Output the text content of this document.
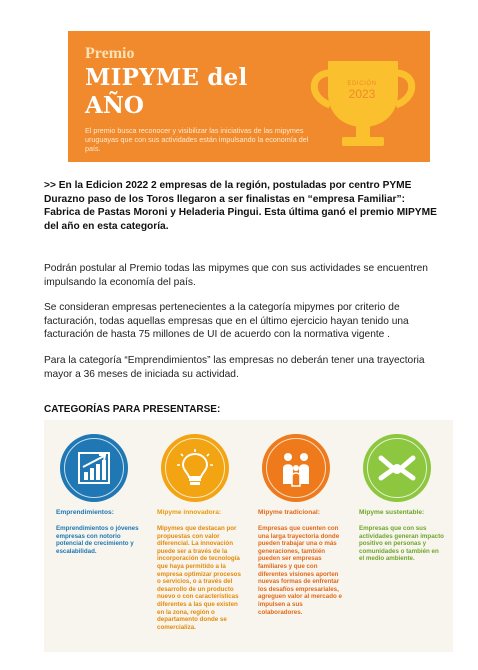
Premio
MIPYME del
AÑO
El premio busca reconocer y visibilizar las iniciativas de las mipymes uruguayas que con sus actividades están impulsando la economía del país.
EDICIÓN
2023
>> En la Edicion 2022 2 empresas de la región, postuladas por centro PYME Durazno paso de los Toros llegaron a ser finalistas en “empresa Familiar”: Fabrica de Pastas Moroni y Heladeria Pingui. Esta última ganó el premio MIPYME del año en esta categoría.
Podrán postular al Premio todas las mipymes que con sus actividades se encuentren impulsando la economía del país.
Se consideran empresas pertenecientes a la categoría mipymes por criterio de facturación, todas aquellas empresas que en el último ejercicio hayan tenido una facturación de hasta 75 millones de UI de acuerdo con la normativa vigente .
Para la categoría “Emprendimientos” las empresas no deberán tener una trayectoria mayor a 36 meses de iniciada su actividad.
CATEGORÍAS PARA PRESENTARSE:
Emprendimientos:
Emprendimientos o jóvenes empresas con notorio potencial de crecimiento y escalabilidad.
Mipyme innovadora:
Mipymes que destacan por propuestas con valor diferencial. La innovación puede ser a través de la incorporación de tecnología que haya permitido a la empresa optimizar procesos o servicios, o a través del desarrollo de un producto nuevo o con características diferentes a las que existen en la zona, región o departamento donde se comercializa.
Mipyme tradicional:
Empresas que cuenten con una larga trayectoria donde pueden trabajar una o más generaciones, también pueden ser empresas familiares y que con diferentes visiones aporten nuevas formas de enfrentar los desafíos empresariales, agreguen valor al mercado e impulsen a sus colaboradores.
Mipyme sustentable:
Empresas que con sus actividades generan impacto positivo en personas y comunidades o también en el medio ambiente.
